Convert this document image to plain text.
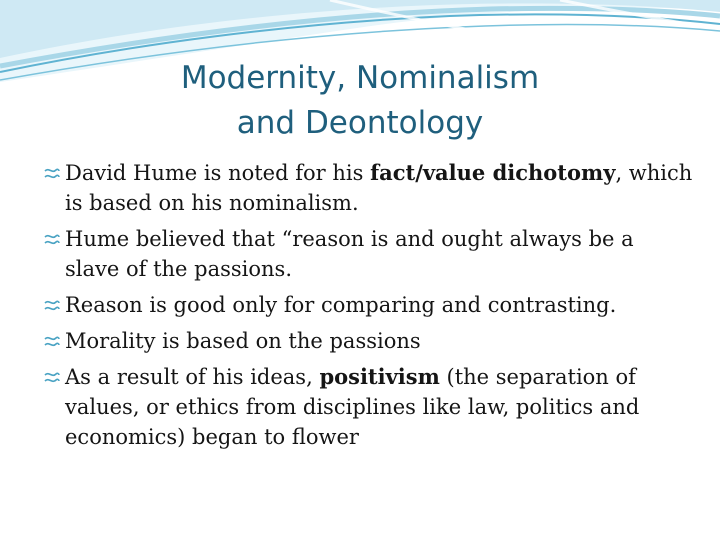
Modernity, Nominalism
and Deontology
David Hume is noted for his fact/value dichotomy, which is based on his nominalism.
Hume believed that “reason is and ought always be a slave of the passions.
Reason is good only for comparing and contrasting.
Morality is based on the passions
As a result of his ideas, positivism (the separation of values, or ethics from disciplines like law, politics and economics) began to flower
